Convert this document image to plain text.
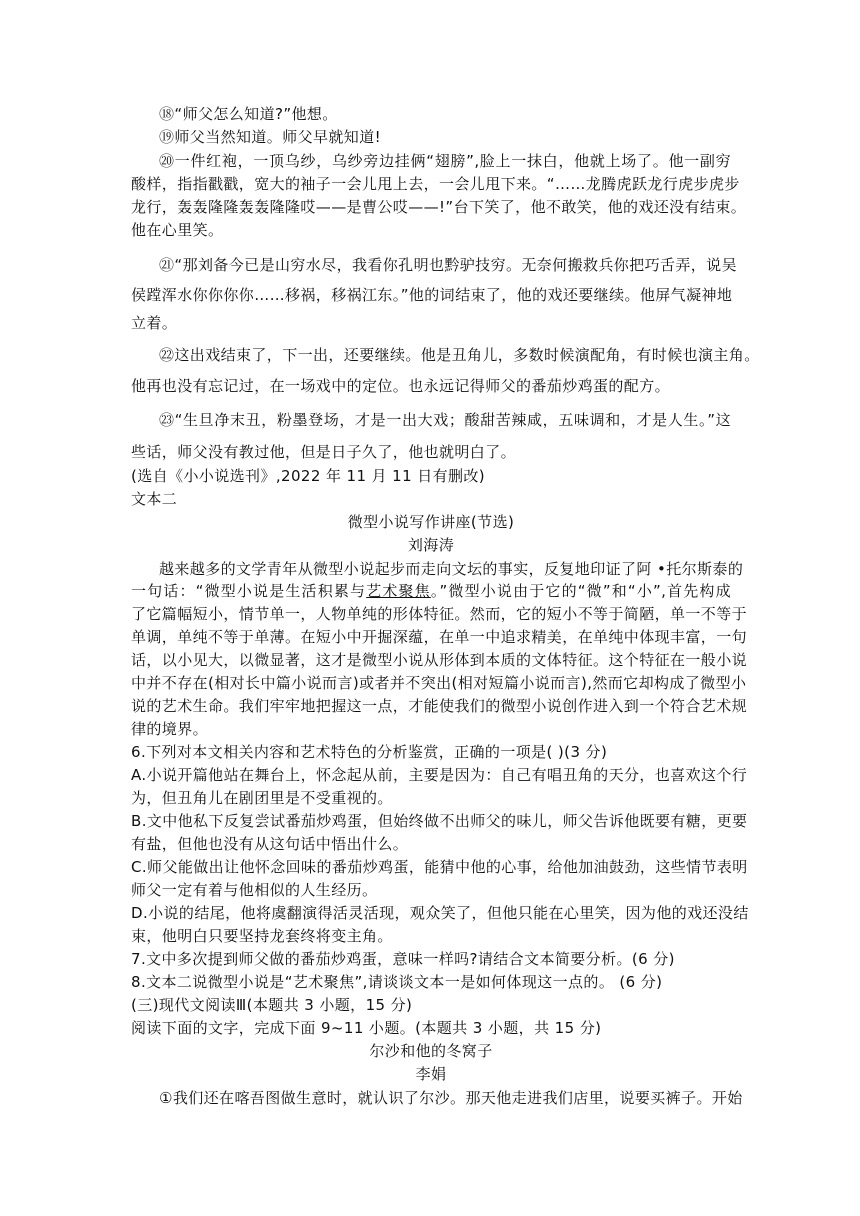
⑱“师父怎么知道?”他想。
⑲师父当然知道。师父早就知道!
⑳一件红袍，一顶乌纱，乌纱旁边挂俩“翅膀”,脸上一抹白，他就上场了。他一副穷
酸样，指指戳戳，宽大的袖子一会儿甩上去，一会儿甩下来。“……龙腾虎跃龙行虎步虎步
龙行，轰轰隆隆轰轰隆隆哎——是曹公哎——!”台下笑了，他不敢笑，他的戏还没有结束。
他在心里笑。
㉑“那刘备今已是山穷水尽，我看你孔明也黔驴技穷。无奈何搬救兵你把巧舌弄，说吴
侯蹚浑水你你你你……移祸，移祸江东。”他的词结束了，他的戏还要继续。他屏气凝神地
立着。
㉒这出戏结束了，下一出，还要继续。他是丑角儿，多数时候演配角，有时候也演主角。
他再也没有忘记过，在一场戏中的定位。也永远记得师父的番茄炒鸡蛋的配方。
㉓“生旦净末丑，粉墨登场，才是一出大戏；酸甜苦辣咸，五味调和，才是人生。”这
些话，师父没有教过他，但是日子久了，他也就明白了。
(选自《小小说选刊》,2022 年 11 月 11 日有删改)
文本二
微型小说写作讲座(节选)
刘海涛
越来越多的文学青年从微型小说起步而走向文坛的事实，反复地印证了阿 •托尔斯泰的
一句话：“微型小说是生活积累与艺术聚焦。”微型小说由于它的“微”和“小”,首先构成
了它篇幅短小，情节单一，人物单纯的形体特征。然而，它的短小不等于简陋，单一不等于
单调，单纯不等于单薄。在短小中开掘深蕴，在单一中追求精美，在单纯中体现丰富，一句
话，以小见大，以微显著，这才是微型小说从形体到本质的文体特征。这个特征在一般小说
中并不存在(相对长中篇小说而言)或者并不突出(相对短篇小说而言),然而它却构成了微型小
说的艺术生命。我们牢牢地把握这一点，才能使我们的微型小说创作进入到一个符合艺术规
律的境界。
6.下列对本文相关内容和艺术特色的分析鉴赏，正确的一项是( )(3 分)
A.小说开篇他站在舞台上，怀念起从前，主要是因为：自己有唱丑角的天分，也喜欢这个行
为，但丑角儿在剧团里是不受重视的。
B.文中他私下反复尝试番茄炒鸡蛋，但始终做不出师父的味儿，师父告诉他既要有糖，更要
有盐，但他也没有从这句话中悟出什么。
C.师父能做出让他怀念回味的番茄炒鸡蛋，能猜中他的心事，给他加油鼓劲，这些情节表明
师父一定有着与他相似的人生经历。
D.小说的结尾，他将虞翻演得活灵活现，观众笑了，但他只能在心里笑，因为他的戏还没结
束，他明白只要坚持龙套终将变主角。
7.文中多次提到师父做的番茄炒鸡蛋，意味一样吗?请结合文本简要分析。(6 分)
8.文本二说微型小说是“艺术聚焦”,请谈谈文本一是如何体现这一点的。 (6 分)
(三)现代文阅读Ⅲ(本题共 3 小题，15 分)
阅读下面的文字，完成下面 9~11 小题。(本题共 3 小题，共 15 分)
尔沙和他的冬窝子
李娟
①我们还在喀吾图做生意时，就认识了尔沙。那天他走进我们店里，说要买裤子。开始
